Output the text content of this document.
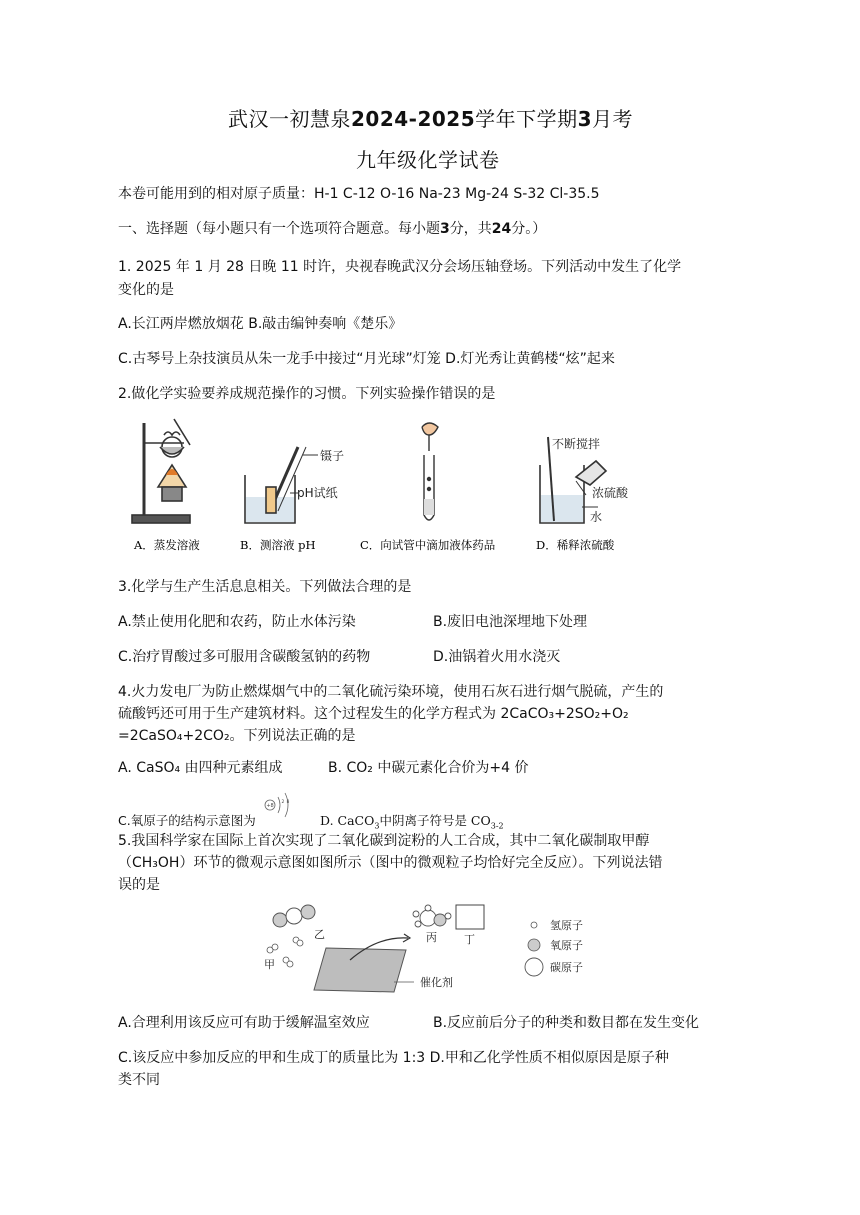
武汉一初慧泉2024-2025学年下学期3月考
九年级化学试卷
本卷可能用到的相对原子质量：H-1 C-12 O-16 Na-23 Mg-24 S-32 Cl-35.5
一、选择题（每小题只有一个选项符合题意。每小题3分，共24分。）
1. 2025 年 1 月 28 日晚 11 时许，央视春晚武汉分会场压轴登场。下列活动中发生了化学
变化的是
A.长江两岸燃放烟花 B.敲击编钟奏响《楚乐》
C.古琴号上杂技演员从朱一龙手中接过“月光球”灯笼 D.灯光秀让黄鹤楼“炫”起来
2.做化学实验要养成规范操作的习惯。下列实验操作错误的是
镊子
pH试纸
不断搅拌
浓硫酸
水
A．蒸发溶液	B．测溶液 pH	C．向试管中滴加液体药品	D．稀释浓硫酸
3.化学与生产生活息息相关。下列做法合理的是
A.禁止使用化肥和农药，防止水体污染	B.废旧电池深埋地下处理
C.治疗胃酸过多可服用含碳酸氢钠的药物	D.油锅着火用水浇灭
4.火力发电厂为防止燃煤烟气中的二氧化硫污染环境，使用石灰石进行烟气脱硫，产生的
硫酸钙还可用于生产建筑材料。这个过程发生的化学方程式为 2CaCO₃+2SO₂+O₂
=2CaSO₄+2CO₂。下列说法正确的是
A. CaSO₄ 由四种元素组成	B. CO₂ 中碳元素化合价为+4 价
C.氧原子的结构示意图为
+8
2 8
D. CaCO$_3$中阴离子符号是 $CO_{3-2}$
5.我国科学家在国际上首次实现了二氧化碳到淀粉的人工合成，其中二氧化碳制取甲醇
（CH₃OH）环节的微观示意图如图所示（图中的微观粒子均恰好完全反应）。下列说法错
误的是
乙
甲
催化剂
丙 丁
氢原子
氧原子
碳原子
A.合理利用该反应可有助于缓解温室效应	B.反应前后分子的种类和数目都在发生变化
C.该反应中参加反应的甲和生成丁的质量比为 1:3 D.甲和乙化学性质不相似原因是原子种
类不同
